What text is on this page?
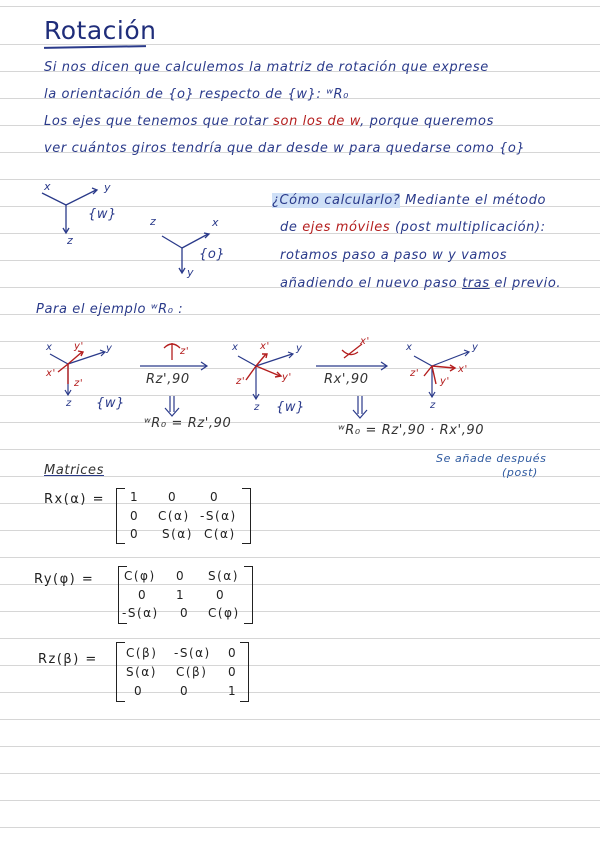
Rotación
Si nos dicen que calculemos la matriz de rotación que exprese
la orientación de {o} respecto de {w}: ʷR₀
Los ejes que tenemos que rotar son los de w, porque queremos
ver cuántos giros tendría que dar desde w para quedarse como {o}
x	y
z
{w}	z	x
y
{o}
¿Cómo calcularlo? Mediante el método
de ejes móviles (post multiplicación):
rotamos paso a paso w y vamos
añadiendo el nuevo paso tras el previo.
Para el ejemplo ʷR₀ :
x y' y
x'
z'
z {w}
z'
Rz',90
ʷR₀ = Rz',90
x x'	y
z'	y'
z {w}
x'
Rx',90
ʷR₀ = Rz',90 · Rx',90
x	y
z'
y'
x'
z
Se añade después
(post)
Matrices
Rx(α) = 1 0	0
0 C(α) -S(α)
0 S(α) C(α)
Ry(φ) = C(φ) 0 S(α)
0 1	0
-S(α) 0 C(φ)
Rz(β) = C(β) -S(α) 0
S(α) C(β) 0
0	0	1
